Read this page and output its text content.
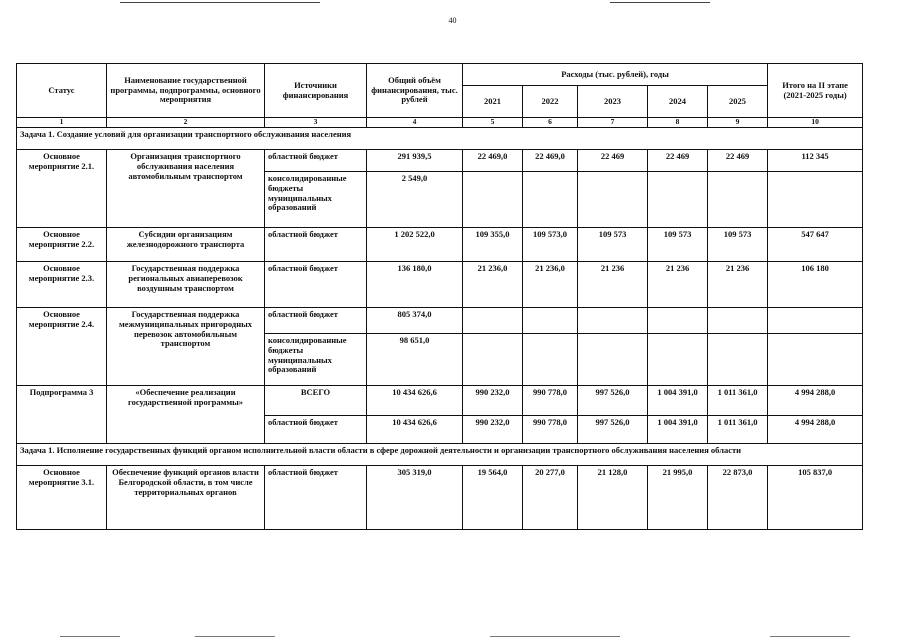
40
Статус	Наименование государственной программы, подпрограммы, основного мероприятия	Источники финансирования	Общий объём финансирования, тыс. рублей	Расходы (тыс. рублей), годы					Итого на II этапе (2021-2025 годы)
				2021	2022	2023	2024	2025	
1	2	3	4	5	6	7	8	9	10
Задача 1. Создание условий для организации транспортного обслуживания населения									
Основное мероприятие 2.1.	Организация транспортного обслуживания населения автомобильным транспортом	областной бюджет	291 939,5	22 469,0	22 469,0	22 469	22 469	22 469	112 345
		консолидированные бюджеты муниципальных образований	2 549,0						
Основное мероприятие 2.2.	Субсидии организациям железнодорожного транспорта	областной бюджет	1 202 522,0	109 355,0	109 573,0	109 573	109 573	109 573	547 647
Основное мероприятие 2.3.	Государственная поддержка региональных авиаперевозок воздушным транспортом	областной бюджет	136 180,0	21 236,0	21 236,0	21 236	21 236	21 236	106 180
Основное мероприятие 2.4.	Государственная поддержка межмуниципальных пригородных перевозок автомобильным транспортом	областной бюджет	805 374,0						
		консолидированные бюджеты муниципальных образований	98 651,0						
Подпрограмма 3	«Обеспечение реализации государственной программы»	ВСЕГО	10 434 626,6	990 232,0	990 778,0	997 526,0	1 004 391,0	1 011 361,0	4 994 288,0
		областной бюджет	10 434 626,6	990 232,0	990 778,0	997 526,0	1 004 391,0	1 011 361,0	4 994 288,0
Задача 1. Исполнение государственных функций органом исполнительной власти области в сфере дорожной деятельности и организации транспортного обслуживания населения области									
Основное мероприятие 3.1.	Обеспечение функций органов власти Белгородской области, в том числе территориальных органов	областной бюджет	305 319,0	19 564,0	20 277,0	21 128,0	21 995,0	22 873,0	105 837,0
